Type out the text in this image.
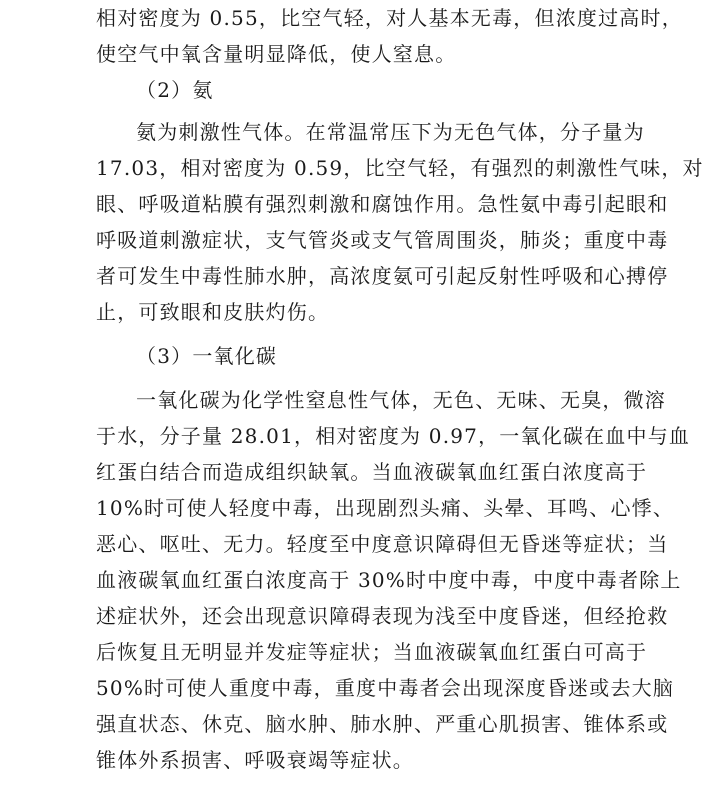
相对密度为 0.55，比空气轻，对人基本无毒，但浓度过高时，
使空气中氧含量明显降低，使人窒息。
（2）氨
氨为刺激性气体。在常温常压下为无色气体，分子量为
17.03，相对密度为 0.59，比空气轻，有强烈的刺激性气味，对
眼、呼吸道粘膜有强烈刺激和腐蚀作用。急性氨中毒引起眼和
呼吸道刺激症状，支气管炎或支气管周围炎，肺炎；重度中毒
者可发生中毒性肺水肿，高浓度氨可引起反射性呼吸和心搏停
止，可致眼和皮肤灼伤。
（3）一氧化碳
一氧化碳为化学性窒息性气体，无色、无味、无臭，微溶
于水，分子量 28.01，相对密度为 0.97，一氧化碳在血中与血
红蛋白结合而造成组织缺氧。当血液碳氧血红蛋白浓度高于
10%时可使人轻度中毒，出现剧烈头痛、头晕、耳鸣、心悸、
恶心、呕吐、无力。轻度至中度意识障碍但无昏迷等症状；当
血液碳氧血红蛋白浓度高于 30%时中度中毒，中度中毒者除上
述症状外，还会出现意识障碍表现为浅至中度昏迷，但经抢救
后恢复且无明显并发症等症状；当血液碳氧血红蛋白可高于
50%时可使人重度中毒，重度中毒者会出现深度昏迷或去大脑
强直状态、休克、脑水肿、肺水肿、严重心肌损害、锥体系或
锥体外系损害、呼吸衰竭等症状。
